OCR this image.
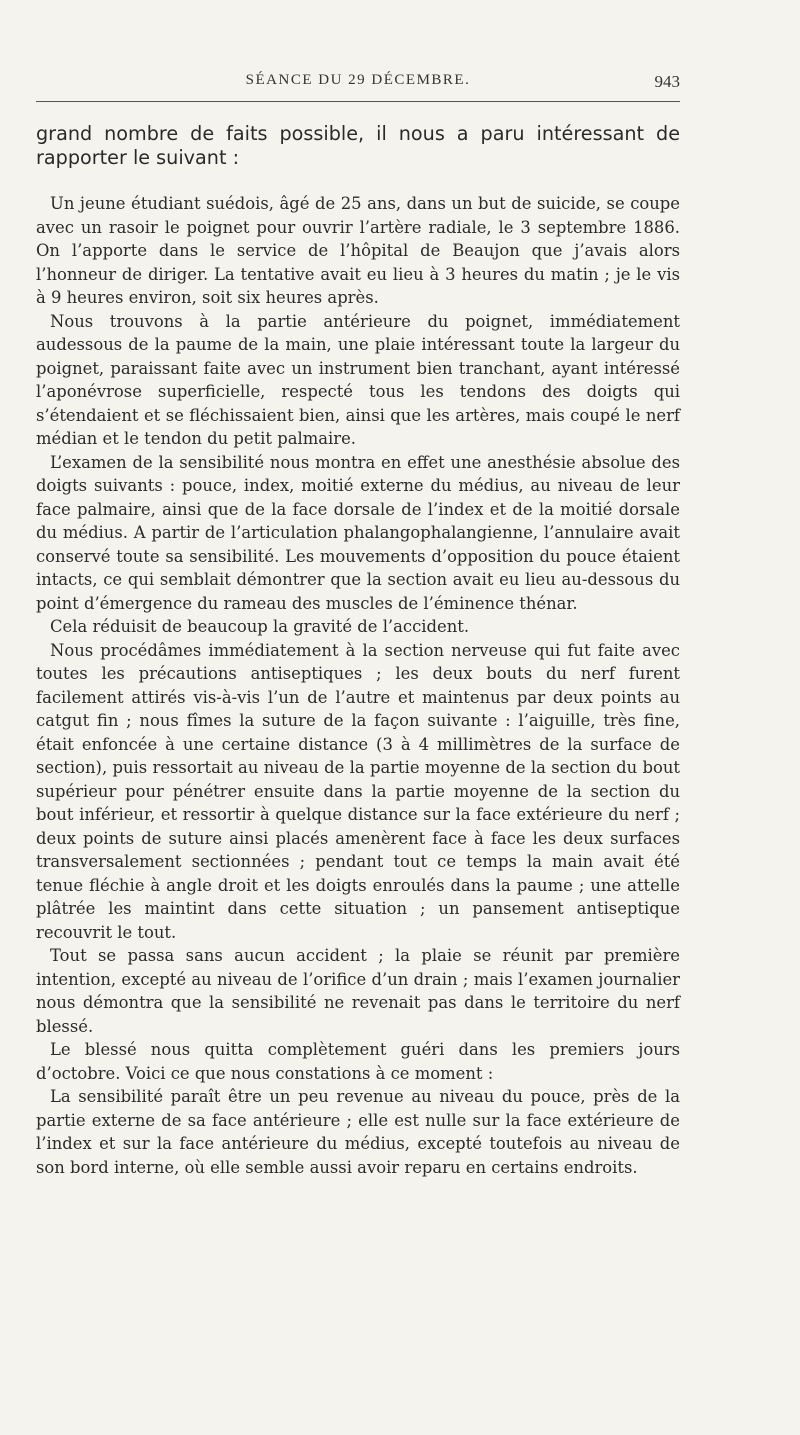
SÉANCE DU 29 DÉCEMBRE.	943

grand nombre de faits possible, il nous a paru intéressant de rapporter le suivant :

Un jeune étudiant suédois, âgé de 25 ans, dans un but de suicide, se coupe avec un rasoir le poignet pour ouvrir l’artère radiale, le 3 septembre 1886. On l’apporte dans le service de l’hôpital de Beaujon que j’avais alors l’honneur de diriger. La tentative avait eu lieu à 3 heures du matin ; je le vis à 9 heures environ, soit six heures après.

Nous trouvons à la partie antérieure du poignet, immédiatement audessous de la paume de la main, une plaie intéressant toute la largeur du poignet, paraissant faite avec un instrument bien tranchant, ayant intéressé l’aponévrose superficielle, respecté tous les tendons des doigts qui s’étendaient et se fléchissaient bien, ainsi que les artères, mais coupé le nerf médian et le tendon du petit palmaire.

L’examen de la sensibilité nous montra en effet une anesthésie absolue des doigts suivants : pouce, index, moitié externe du médius, au niveau de leur face palmaire, ainsi que de la face dorsale de l’index et de la moitié dorsale du médius. A partir de l’articulation phalangophalangienne, l’annulaire avait conservé toute sa sensibilité. Les mouvements d’opposition du pouce étaient intacts, ce qui semblait démontrer que la section avait eu lieu au-dessous du point d’émergence du rameau des muscles de l’éminence thénar.

Cela réduisit de beaucoup la gravité de l’accident.

Nous procédâmes immédiatement à la section nerveuse qui fut faite avec toutes les précautions antiseptiques ; les deux bouts du nerf furent facilement attirés vis-à-vis l’un de l’autre et maintenus par deux points au catgut fin ; nous fîmes la suture de la façon suivante : l’aiguille, très fine, était enfoncée à une certaine distance (3 à 4 millimètres de la surface de section), puis ressortait au niveau de la partie moyenne de la section du bout supérieur pour pénétrer ensuite dans la partie moyenne de la section du bout inférieur, et ressortir à quelque distance sur la face extérieure du nerf ; deux points de suture ainsi placés amenèrent face à face les deux surfaces transversalement sectionnées ; pendant tout ce temps la main avait été tenue fléchie à angle droit et les doigts enroulés dans la paume ; une attelle plâtrée les maintint dans cette situation ; un pansement antiseptique recouvrit le tout.

Tout se passa sans aucun accident ; la plaie se réunit par première intention, excepté au niveau de l’orifice d’un drain ; mais l’examen journalier nous démontra que la sensibilité ne revenait pas dans le territoire du nerf blessé.

Le blessé nous quitta complètement guéri dans les premiers jours d’octobre. Voici ce que nous constations à ce moment :

La sensibilité paraît être un peu revenue au niveau du pouce, près de la partie externe de sa face antérieure ; elle est nulle sur la face extérieure de l’index et sur la face antérieure du médius, excepté toutefois au niveau de son bord interne, où elle semble aussi avoir reparu en certains endroits.
